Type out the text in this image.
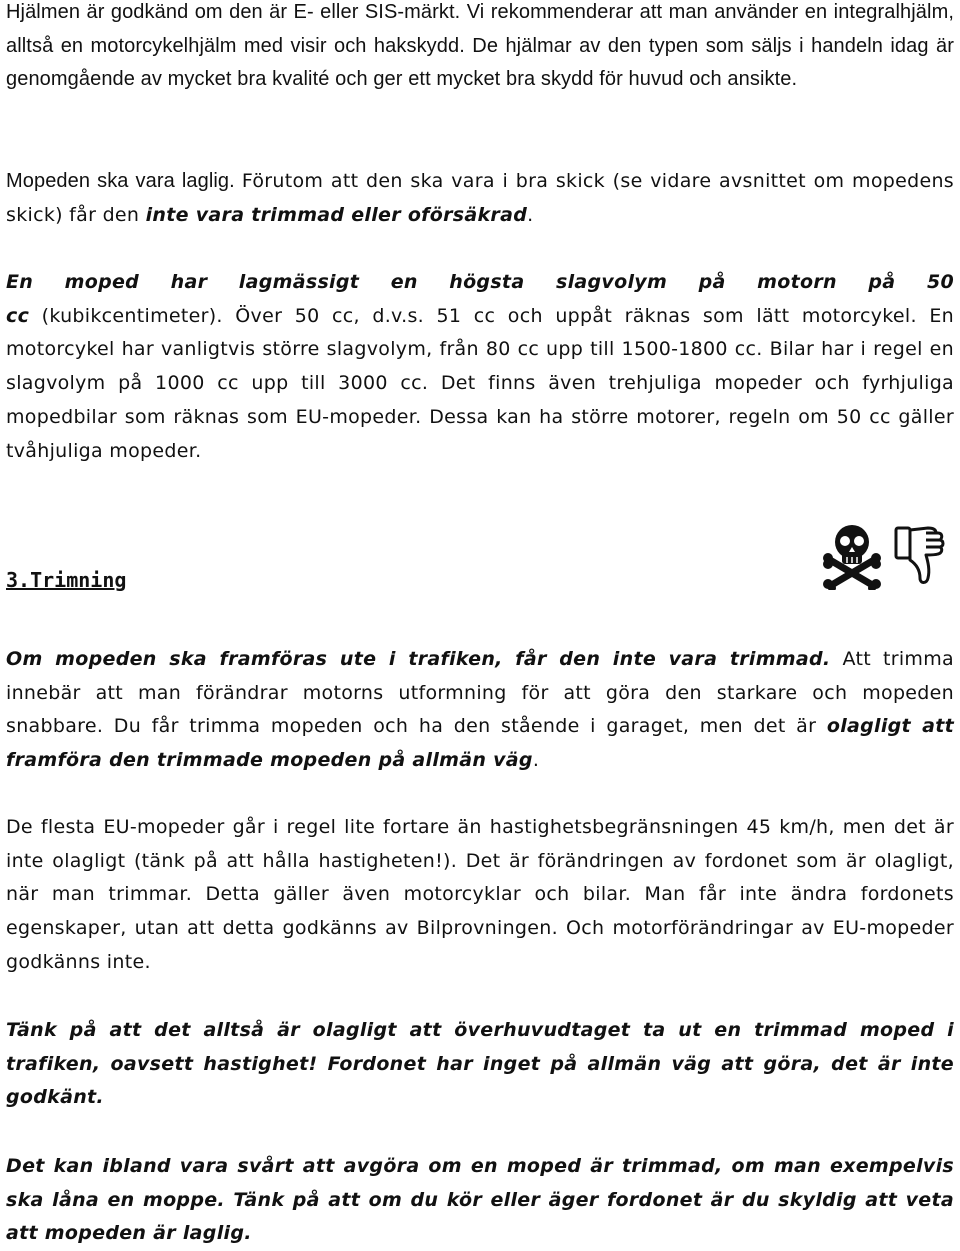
Hjälmen är godkänd om den är E- eller SIS-märkt. Vi rekommenderar att man använder en integralhjälm, alltså en motorcykelhjälm med visir och hakskydd. De hjälmar av den typen som säljs i handeln idag är genomgående av mycket bra kvalité och ger ett mycket bra skydd för huvud och ansikte.

Mopeden ska vara laglig. Förutom att den ska vara i bra skick (se vidare avsnittet om mopedens skick) får den inte vara trimmad eller oförsäkrad.

En moped har lagmässigt en högsta slagvolym på motorn på 50 cc (kubikcentimeter). Över 50 cc, d.v.s. 51 cc och uppåt räknas som lätt motorcykel. En motorcykel har vanligtvis större slagvolym, från 80 cc upp till 1500-1800 cc. Bilar har i regel en slagvolym på 1000 cc upp till 3000 cc. Det finns även trehjuliga mopeder och fyrhjuliga mopedbilar som räknas som EU-mopeder. Dessa kan ha större motorer, regeln om 50 cc gäller tvåhjuliga mopeder.

3.Trimning

Om mopeden ska framföras ute i trafiken, får den inte vara trimmad. Att trimma innebär att man förändrar motorns utformning för att göra den starkare och mopeden snabbare. Du får trimma mopeden och ha den stående i garaget, men det är olagligt att framföra den trimmade mopeden på allmän väg.

De flesta EU-mopeder går i regel lite fortare än hastighetsbegränsningen 45 km/h, men det är inte olagligt (tänk på att hålla hastigheten!). Det är förändringen av fordonet som är olagligt, när man trimmar. Detta gäller även motorcyklar och bilar. Man får inte ändra fordonets egenskaper, utan att detta godkänns av Bilprovningen. Och motorförändringar av EU-mopeder godkänns inte.

Tänk på att det alltså är olagligt att överhuvudtaget ta ut en trimmad moped i trafiken, oavsett hastighet! Fordonet har inget på allmän väg att göra, det är inte godkänt.

Det kan ibland vara svårt att avgöra om en moped är trimmad, om man exempelvis ska låna en moppe. Tänk på att om du kör eller äger fordonet är du skyldig att veta att mopeden är laglig.
